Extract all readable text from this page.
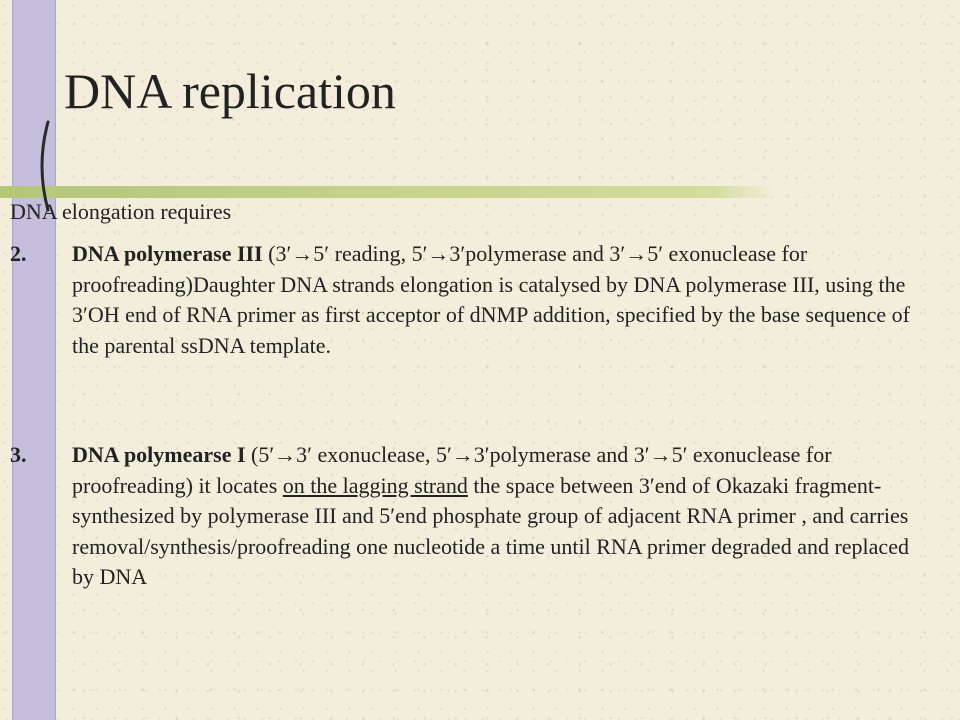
DNA replication
DNA elongation requires
2. DNA polymerase III (3′→5′ reading, 5′→3′polymerase and 3′→5′ exonuclease for proofreading)Daughter DNA strands elongation is catalysed by DNA polymerase III, using the 3′OH end of RNA primer as first acceptor of dNMP addition, specified by the base sequence of the parental ssDNA template.
3. DNA polymearse I (5′→3′ exonuclease, 5′→3′polymerase and 3′→5′ exonuclease for proofreading) it locates on the lagging strand the space between 3′end of Okazaki fragment-synthesized by polymerase III and 5′end phosphate group of adjacent RNA primer , and carries removal/synthesis/proofreading one nucleotide a time until RNA primer degraded and replaced by DNA
